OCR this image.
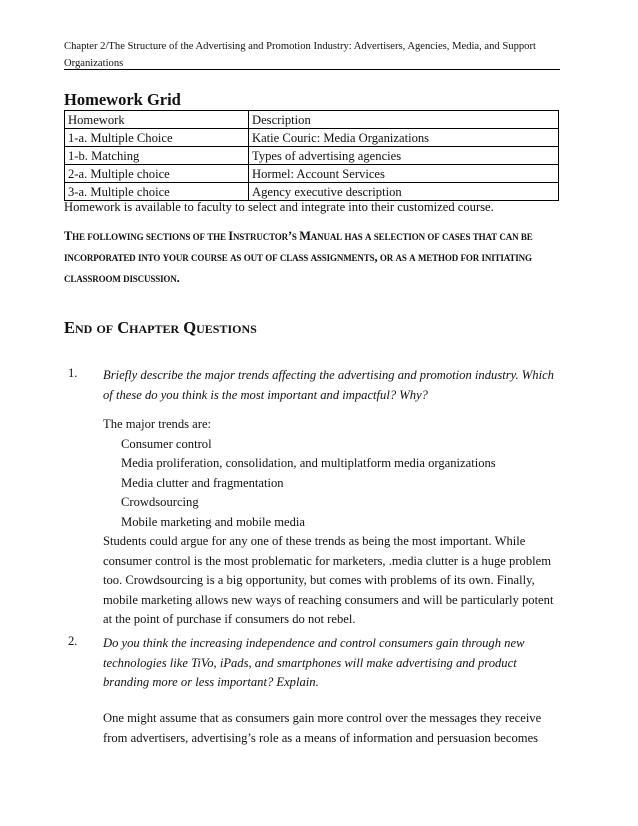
Chapter 2/The Structure of the Advertising and Promotion Industry: Advertisers, Agencies, Media, and Support Organizations
Homework Grid
Homework	Description
1-a. Multiple Choice	Katie Couric: Media Organizations
1-b. Matching	Types of advertising agencies
2-a. Multiple choice	Hormel: Account Services
3-a. Multiple choice	Agency executive description
Homework is available to faculty to select and integrate into their customized course.
The following sections of the Instructor’s Manual has a selection of cases that can be incorporated into your course as out of class assignments, or as a method for initiating classroom discussion.
End of Chapter Questions
1. Briefly describe the major trends affecting the advertising and promotion industry. Which of these do you think is the most important and impactful? Why?
The major trends are:
Consumer control
Media proliferation, consolidation, and multiplatform media organizations
Media clutter and fragmentation
Crowdsourcing
Mobile marketing and mobile media
Students could argue for any one of these trends as being the most important. While consumer control is the most problematic for marketers, .media clutter is a huge problem too. Crowdsourcing is a big opportunity, but comes with problems of its own. Finally, mobile marketing allows new ways of reaching consumers and will be particularly potent at the point of purchase if consumers do not rebel.
2. Do you think the increasing independence and control consumers gain through new technologies like TiVo, iPads, and smartphones will make advertising and product branding more or less important? Explain.
One might assume that as consumers gain more control over the messages they receive from advertisers, advertising’s role as a means of information and persuasion becomes
